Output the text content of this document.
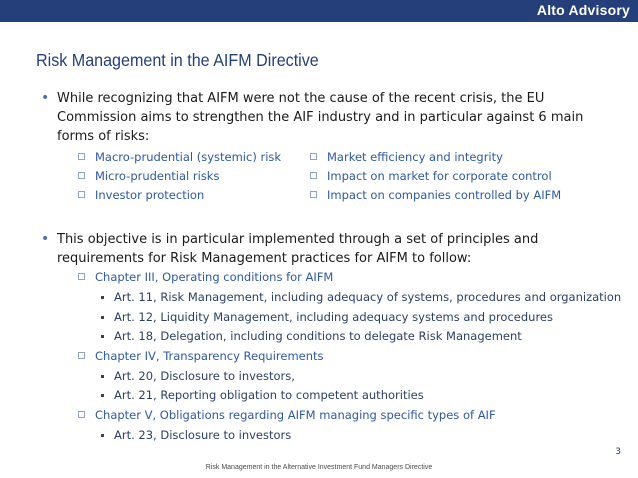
Alto Advisory
Risk Management in the AIFM Directive
• While recognizing that AIFM were not the cause of the recent crisis, the EU Commission aims to strengthen the AIF industry and in particular against 6 main forms of risks:
Macro-prudential (systemic) risk
Micro-prudential risks
Investor protection
Market efficiency and integrity
Impact on market for corporate control
Impact on companies controlled by AIFM
• This objective is in particular implemented through a set of principles and requirements for Risk Management practices for AIFM to follow:
Chapter III, Operating conditions for AIFM
Art. 11, Risk Management, including adequacy of systems, procedures and organization
Art. 12, Liquidity Management, including adequacy systems and procedures
Art. 18, Delegation, including conditions to delegate Risk Management
Chapter IV, Transparency Requirements
Art. 20, Disclosure to investors,
Art. 21, Reporting obligation to competent authorities
Chapter V, Obligations regarding AIFM managing specific types of AIF
Art. 23, Disclosure to investors
3
Risk Management in the Alternative Investment Fund Managers Directive
